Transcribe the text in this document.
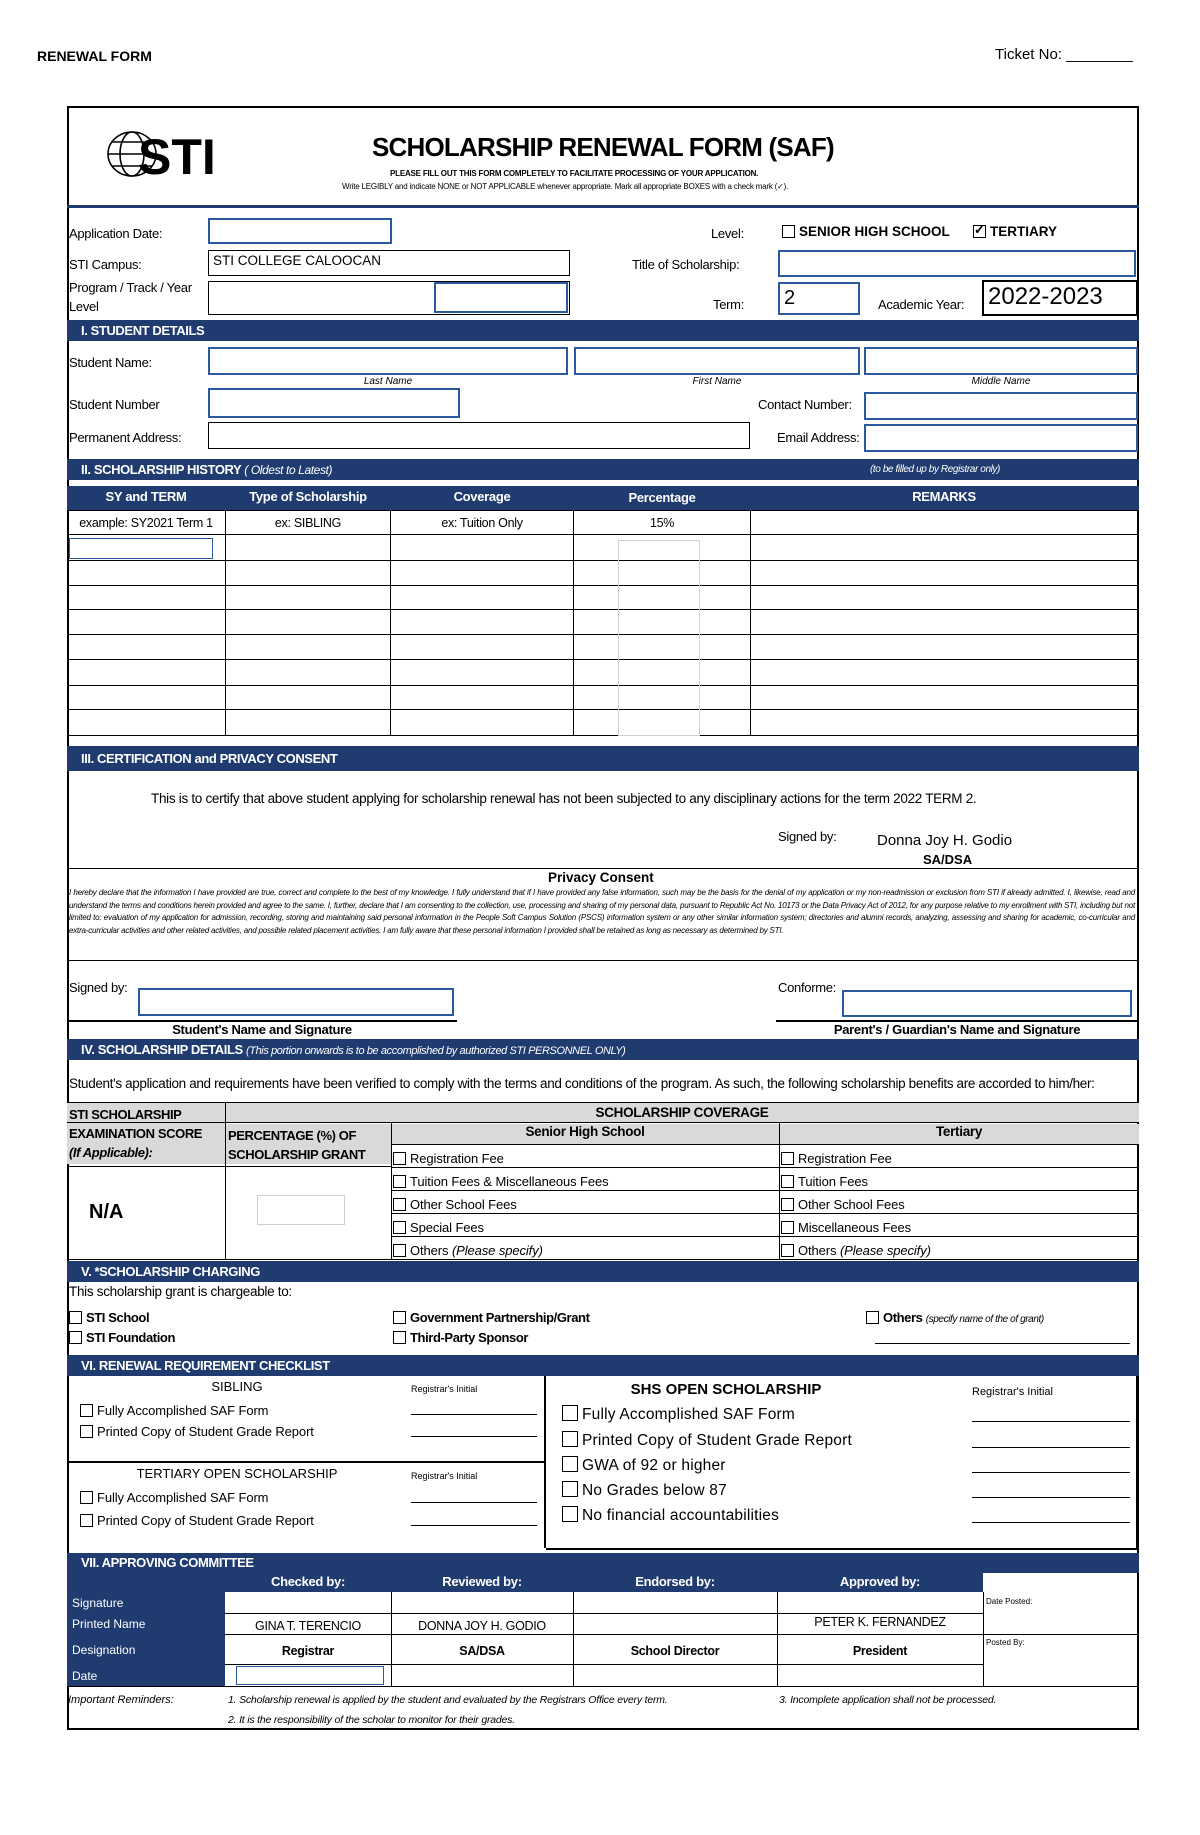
RENEWAL FORM	Ticket No: ________
STI	SCHOLARSHIP RENEWAL FORM (SAF)
PLEASE FILL OUT THIS FORM COMPLETELY TO FACILITATE PROCESSING OF YOUR APPLICATION.
Write LEGIBLY and indicate NONE or NOT APPLICABLE whenever appropriate. Mark all appropriate BOXES with a check mark (✓).
Application Date:	Level:	SENIOR HIGH SCHOOL
✓	TERTIARY
STI Campus:	STI COLLEGE CALOOCAN	Title of Scholarship:
Program / Track / Year
Level	Term: 2	Academic Year: 2022-2023
I. STUDENT DETAILS
Student Name:
Last Name	First Name	Middle Name
Student Number	Contact Number:
Permanent Address:	Email Address:
II. SCHOLARSHIP HISTORY ( Oldest to Latest)	(to be filled up by Registrar only)
SY and TERM	Type of Scholarship	Coverage	Percentage	REMARKS
example: SY2021 Term 1	ex: SIBLING	ex: Tuition Only	15%
III. CERTIFICATION and PRIVACY CONSENT
This is to certify that above student applying for scholarship renewal has not been subjected to any disciplinary actions for the term 2022 TERM 2.
Signed by:	Donna Joy H. Godio
SA/DSA
Privacy Consent
I hereby declare that the information I have provided are true, correct and complete to the best of my knowledge. I fully understand that if I have provided any false information, such may be the basis for the denial of my application or my non-readmission or exclusion from STI if already admitted. I, likewise, read and understand the terms and conditions herein provided and agree to the same. I, further, declare that I am consenting to the collection, use, processing and sharing of my personal data, pursuant to Republic Act No. 10173 or the Data Privacy Act of 2012, for any purpose relative to my enrollment with STI, including but not limited to: evaluation of my application for admission, recording, storing and maintaining said personal information in the People Soft Campus Solution (PSCS) information system or any other similar information system; directories and alumni records, analyzing, assessing and sharing for academic, co-curricular and extra-curricular activities and other related activities, and possible related placement activities. I am fully aware that these personal information I provided shall be retained as long as necessary as determined by STI.
Signed by:
Student's Name and Signature
Conforme:
Parent's / Guardian's Name and Signature
IV. SCHOLARSHIP DETAILS (This portion onwards is to be accomplished by authorized STI PERSONNEL ONLY)
Student's application and requirements have been verified to comply with the terms and conditions of the program. As such, the following scholarship benefits are accorded to him/her:
SCHOLARSHIP COVERAGE
Senior High School	Tertiary
STI SCHOLARSHIP
EXAMINATION SCORE
(If Applicable):
PERCENTAGE (%) OF
SCHOLARSHIP GRANT
N/A
Registration Fee
Tuition Fees & Miscellaneous Fees
Other School Fees
Special Fees
Others (Please specify)
Registration Fee
Tuition Fees
Other School Fees
Miscellaneous Fees
Others (Please specify)
V. *SCHOLARSHIP CHARGING
This scholarship grant is chargeable to:
STI School
STI Foundation
Government Partnership/Grant
Third-Party Sponsor
Others (specify name of the of grant)
VI. RENEWAL REQUIREMENT CHECKLIST
SIBLING	Registrar's Initial
Fully Accomplished SAF Form
Printed Copy of Student Grade Report
TERTIARY OPEN SCHOLARSHIP	Registrar's Initial
Fully Accomplished SAF Form
Printed Copy of Student Grade Report
SHS OPEN SCHOLARSHIP	Registrar's Initial
Fully Accomplished SAF Form
Printed Copy of Student Grade Report
GWA of 92 or higher
No Grades below 87
No financial accountabilities
VII. APPROVING COMMITTEE
Checked by:	Reviewed by:	Endorsed by:	Approved by:
Signature
Printed Name
Designation
Date
GINA T. TERENCIO	DONNA JOY H. GODIO	PETER K. FERNANDEZ
Registrar	SA/DSA	School Director	President
Date Posted:
Posted By:
Important Reminders:	1. Scholarship renewal is applied by the student and evaluated by the Registrars Office every term.
2. It is the responsibility of the scholar to monitor for their grades.
3. Incomplete application shall not be processed.
